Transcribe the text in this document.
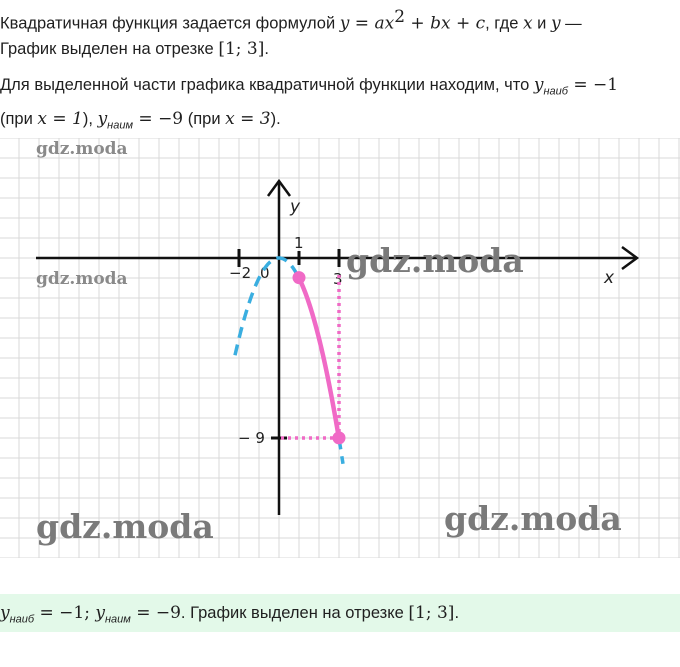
Квадратичная функция задается формулой $y = ax^2$ + bx + c, где x и y —
График выделен на отрезке [1; 3].
Для выделенной части графика квадратичной функции находим, что $y_{наиб} = -1$
(при x = 1), $y_{наим} = -9$ (при x = 3).
gdz.moda
gdz.moda	x
y
−2 0
1
3
− 9
gdz.moda
gdz.moda	gdz.moda
$y_{наиб} = -1$; $y_{наим} = -9$. График выделен на отрезке [1; 3].
